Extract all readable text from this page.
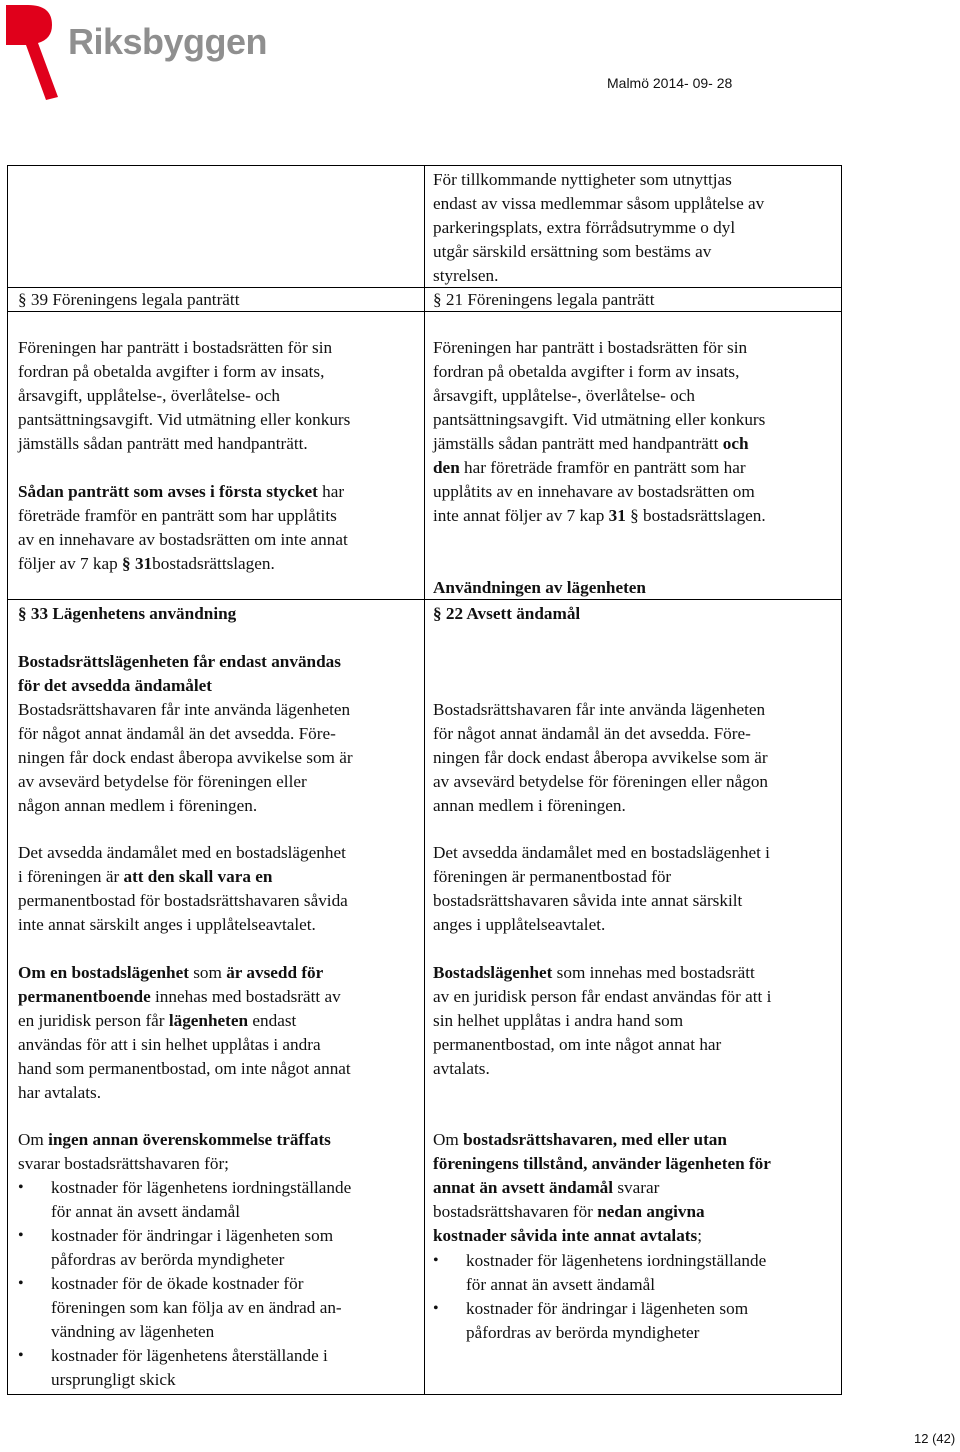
Riksbyggen
Malmö 2014- 09- 28
För tillkommande nyttigheter som utnyttjas
endast av vissa medlemmar såsom upplåtelse av
parkeringsplats, extra förrådsutrymme o dyl
utgår särskild ersättning som bestäms av
styrelsen.
§ 39 Föreningens legala panträtt
Föreningen har panträtt i bostadsrätten för sin
fordran på obetalda avgifter i form av insats,
årsavgift, upplåtelse-, överlåtelse- och
pantsättningsavgift. Vid utmätning eller konkurs
jämställs sådan panträtt med handpanträtt.
Sådan panträtt som avses i första stycket har
företräde framför en panträtt som har upplåtits
av en innehavare av bostadsrätten om inte annat
följer av 7 kap § 31bostadsrättslagen.
§ 21 Föreningens legala panträtt
Föreningen har panträtt i bostadsrätten för sin
fordran på obetalda avgifter i form av insats,
årsavgift, upplåtelse-, överlåtelse- och
pantsättningsavgift. Vid utmätning eller konkurs
jämställs sådan panträtt med handpanträtt och
den har företräde framför en panträtt som har
upplåtits av en innehavare av bostadsrätten om
inte annat följer av 7 kap 31 § bostadsrättslagen.
Användningen av lägenheten
§ 33 Lägenhetens användning
Bostadsrättslägenheten får endast användas
för det avsedda ändamålet
Bostadsrättshavaren får inte använda lägenheten
för något annat ändamål än det avsedda. Före-
ningen får dock endast åberopa avvikelse som är
av avsevärd betydelse för föreningen eller
någon annan medlem i föreningen.
Det avsedda ändamålet med en bostadslägenhet
i föreningen är att den skall vara en
permanentbostad för bostadsrättshavaren såvida
inte annat särskilt anges i upplåtelseavtalet.
Om en bostadslägenhet som är avsedd för
permanentboende innehas med bostadsrätt av
en juridisk person får lägenheten endast
användas för att i sin helhet upplåtas i andra
hand som permanentbostad, om inte något annat
har avtalats.
Om ingen annan överenskommelse träffats
svarar bostadsrättshavaren för;
• kostnader för lägenhetens iordningställande
för annat än avsett ändamål
• kostnader för ändringar i lägenheten som
påfordras av berörda myndigheter
• kostnader för de ökade kostnader för
föreningen som kan följa av en ändrad an-
vändning av lägenheten
• kostnader för lägenhetens återställande i
ursprungligt skick
§ 22 Avsett ändamål
Bostadsrättshavaren får inte använda lägenheten
för något annat ändamål än det avsedda. Före-
ningen får dock endast åberopa avvikelse som är
av avsevärd betydelse för föreningen eller någon
annan medlem i föreningen.
Det avsedda ändamålet med en bostadslägenhet i
föreningen är permanentbostad för
bostadsrättshavaren såvida inte annat särskilt
anges i upplåtelseavtalet.
Bostadslägenhet som innehas med bostadsrätt
av en juridisk person får endast användas för att i
sin helhet upplåtas i andra hand som
permanentbostad, om inte något annat har
avtalats.
Om bostadsrättshavaren, med eller utan
föreningens tillstånd, använder lägenheten för
annat än avsett ändamål svarar
bostadsrättshavaren för nedan angivna
kostnader såvida inte annat avtalats;
• kostnader för lägenhetens iordningställande
för annat än avsett ändamål
• kostnader för ändringar i lägenheten som
påfordras av berörda myndigheter
12 (42)
